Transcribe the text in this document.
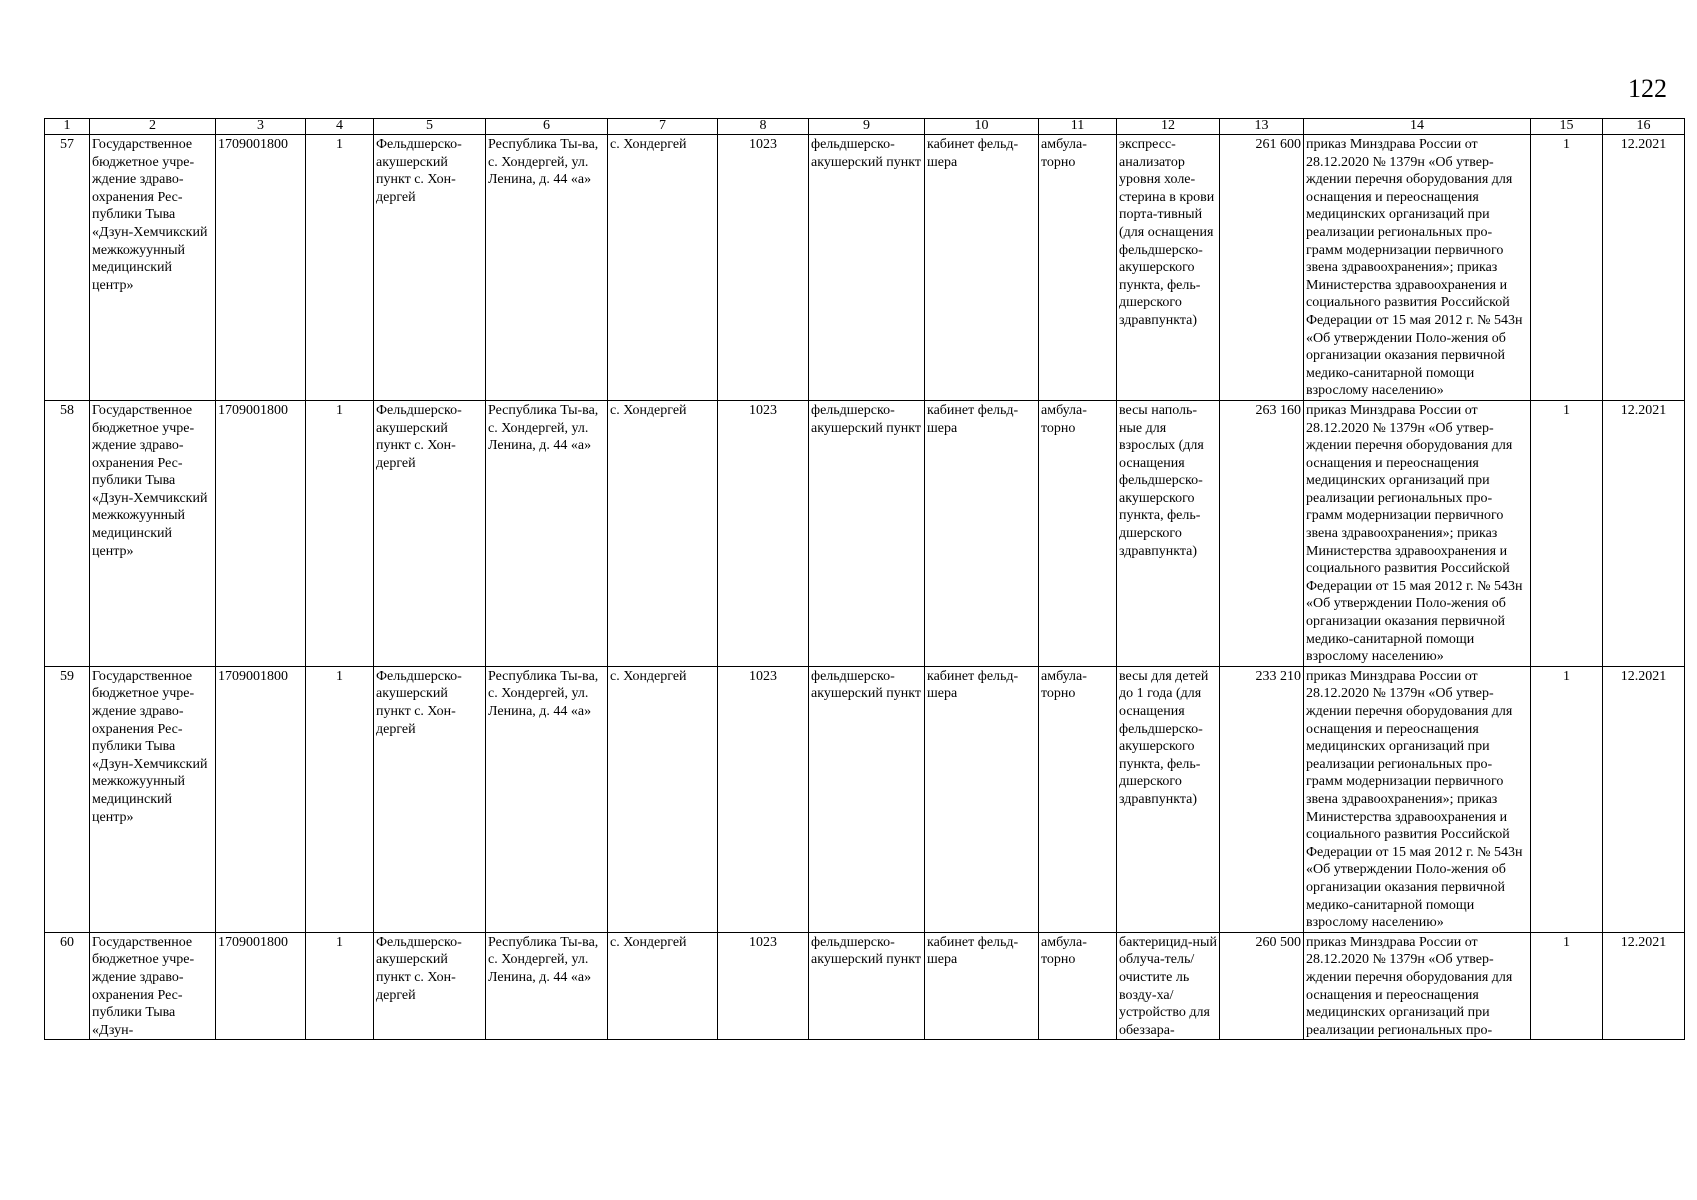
122
1	2	3	4	5	6	7	8	9	10	11	12	13	14	15	16
57	Государственное бюджетное учре-ждение здраво-охранения Рес-публики Тыва «Дзун-Хемчикский межкожуунный медицинский центр»	1709001800	1	Фельдшерско-акушерский пункт с. Хон-дергей	Республика Ты-ва, с. Хондергей, ул. Ленина, д. 44 «а»	с. Хондергей	1023	фельдшерско-акушерский пункт	кабинет фельд-шера	амбула-торно	экспресс-анализатор уровня холе-стерина в крови порта-тивный (для оснащения фельдшерско-акушерского пункта, фель-дшерского здравпункта)	261 600	приказ Минздрава России от 28.12.2020 № 1379н «Об утвер-ждении перечня оборудования для оснащения и переоснащения медицинских организаций при реализации региональных про-грамм модернизации первичного звена здравоохранения»; приказ Министерства здравоохранения и социального развития Российской Федерации от 15 мая 2012 г. № 543н «Об утверждении Поло-жения об организации оказания первичной медико-санитарной помощи взрослому населению»	1	12.2021
58	Государственное бюджетное учре-ждение здраво-охранения Рес-публики Тыва «Дзун-Хемчикский межкожуунный медицинский центр»	1709001800	1	Фельдшерско-акушерский пункт с. Хон-дергей	Республика Ты-ва, с. Хондергей, ул. Ленина, д. 44 «а»	с. Хондергей	1023	фельдшерско-акушерский пункт	кабинет фельд-шера	амбула-торно	весы наполь-ные для взрослых (для оснащения фельдшерско-акушерского пункта, фель-дшерского здравпункта)	263 160	приказ Минздрава России от 28.12.2020 № 1379н «Об утвер-ждении перечня оборудования для оснащения и переоснащения медицинских организаций при реализации региональных про-грамм модернизации первичного звена здравоохранения»; приказ Министерства здравоохранения и социального развития Российской Федерации от 15 мая 2012 г. № 543н «Об утверждении Поло-жения об организации оказания первичной медико-санитарной помощи взрослому населению»	1	12.2021
59	Государственное бюджетное учре-ждение здраво-охранения Рес-публики Тыва «Дзун-Хемчикский межкожуунный медицинский центр»	1709001800	1	Фельдшерско-акушерский пункт с. Хон-дергей	Республика Ты-ва, с. Хондергей, ул. Ленина, д. 44 «а»	с. Хондергей	1023	фельдшерско-акушерский пункт	кабинет фельд-шера	амбула-торно	весы для детей до 1 года (для оснащения фельдшерско-акушерского пункта, фель-дшерского здравпункта)	233 210	приказ Минздрава России от 28.12.2020 № 1379н «Об утвер-ждении перечня оборудования для оснащения и переоснащения медицинских организаций при реализации региональных про-грамм модернизации первичного звена здравоохранения»; приказ Министерства здравоохранения и социального развития Российской Федерации от 15 мая 2012 г. № 543н «Об утверждении Поло-жения об организации оказания первичной медико-санитарной помощи взрослому населению»	1	12.2021
60	Государственное бюджетное учре-ждение здраво-охранения Рес-публики Тыва «Дзун-	1709001800	1	Фельдшерско-акушерский пункт с. Хон-дергей	Республика Ты-ва, с. Хондергей, ул. Ленина, д. 44 «а»	с. Хондергей	1023	фельдшерско-акушерский пункт	кабинет фельд-шера	амбула-торно	бактерицид-ный облуча-тель/очистите ль возду-ха/устройство для обеззара-	260 500	приказ Минздрава России от 28.12.2020 № 1379н «Об утвер-ждении перечня оборудования для оснащения и переоснащения медицинских организаций при реализации региональных про-	1	12.2021
